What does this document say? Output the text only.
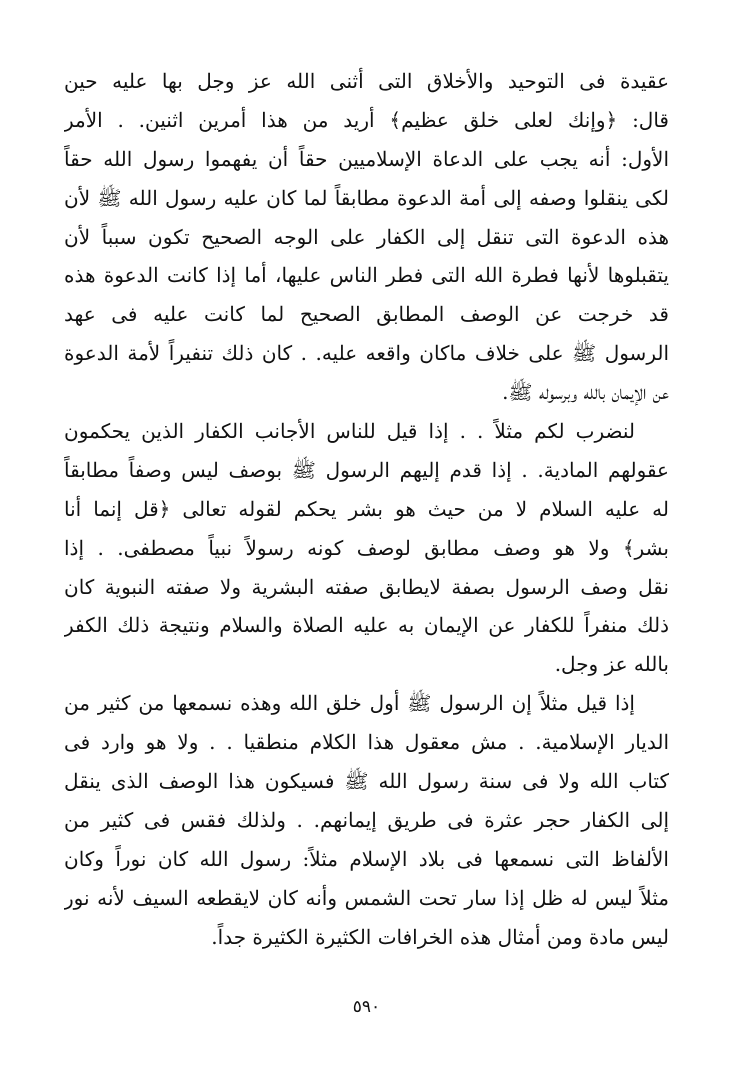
عقيدة فى التوحيد والأخلاق التى أثنى الله عز وجل بها عليه حين
قال: ﴿وإنك لعلى خلق عظيم﴾ أريد من هذا أمرين اثنين. . الأمر
الأول: أنه يجب على الدعاة الإسلاميين حقاً أن يفهموا رسول الله حقاً
لكى ينقلوا وصفه إلى أمة الدعوة مطابقاً لما كان عليه رسول الله ﷺ لأن
هذه الدعوة التى تنقل إلى الكفار على الوجه الصحيح تكون سبباً لأن
يتقبلوها لأنها فطرة الله التى فطر الناس عليها، أما إذا كانت الدعوة هذه
قد خرجت عن الوصف المطابق الصحيح لما كانت عليه فى عهد
الرسول ﷺ على خلاف ماكان واقعه عليه. . كان ذلك تنفيراً لأمة الدعوة
عن الإيمان بالله وبرسوله ﷺ.
لنضرب لكم مثلاً . . إذا قيل للناس الأجانب الكفار الذين يحكمون
عقولهم المادية. . إذا قدم إليهم الرسول ﷺ بوصف ليس وصفاً مطابقاً
له عليه السلام لا من حيث هو بشر يحكم لقوله تعالى ﴿قل إنما أنا
بشر﴾ ولا هو وصف مطابق لوصف كونه رسولاً نبياً مصطفى. . إذا
نقل وصف الرسول بصفة لايطابق صفته البشرية ولا صفته النبوية كان
ذلك منفراً للكفار عن الإيمان به عليه الصلاة والسلام ونتيجة ذلك الكفر
بالله عز وجل.
إذا قيل مثلاً إن الرسول ﷺ أول خلق الله وهذه نسمعها من كثير من
الديار الإسلامية. . مش معقول هذا الكلام منطقيا . . ولا هو وارد فى
كتاب الله ولا فى سنة رسول الله ﷺ فسيكون هذا الوصف الذى ينقل
إلى الكفار حجر عثرة فى طريق إيمانهم. . ولذلك فقس فى كثير من
الألفاظ التى نسمعها فى بلاد الإسلام مثلاً: رسول الله كان نوراً وكان
مثلاً ليس له ظل إذا سار تحت الشمس وأنه كان لايقطعه السيف لأنه نور
ليس مادة ومن أمثال هذه الخرافات الكثيرة الكثيرة جداً.
٥٩٠
